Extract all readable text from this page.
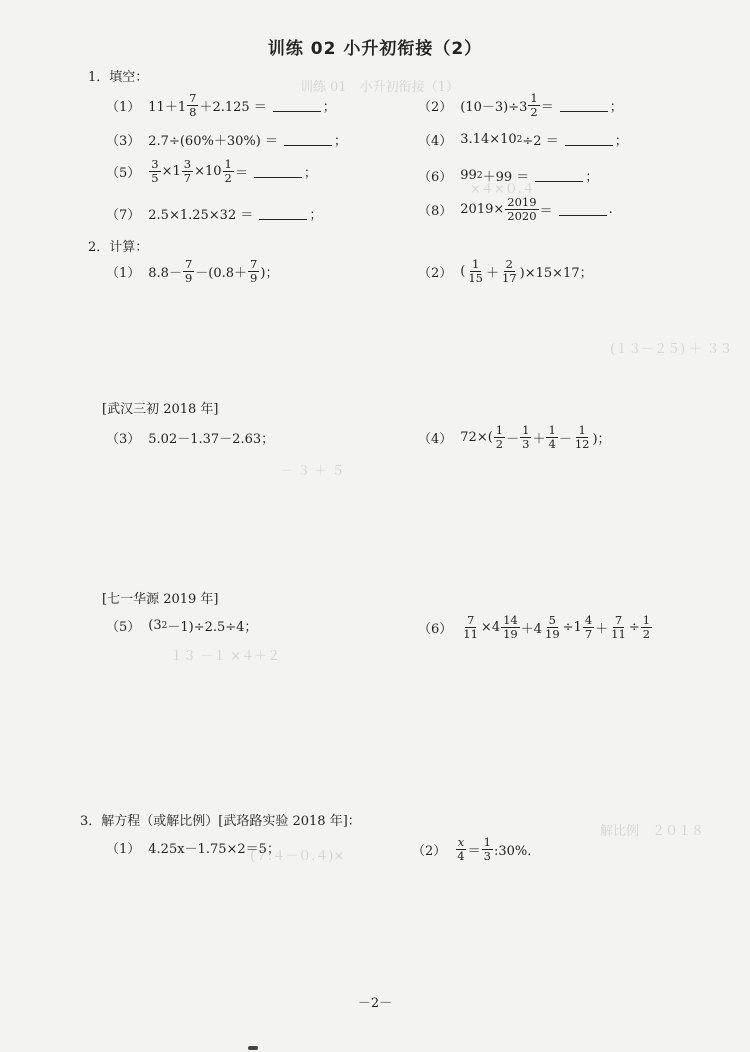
训练 01　小升初衔接（1）
×４×０.４
(１３－２５) ＋ ３３
－ ３ ＋ ５
１３ －１ ×４＋２
(７.４－０.４)×
解比例　２０１８
训练 02 小升初衔接（2）
1．填空：
（1） $11+1 \frac{7}{8} +2.125$ ＝	；	（2） $(10-3)\div 3 \frac{1}{2}$ ＝	；
（3） 2.7÷(60%＋30%) ＝	；	（4） 3.14×10 2 ÷2 ＝	；
$(5) \frac{3}{5} \times 1 \frac{3}{7} \times 10 \frac{1}{2}$ ＝	；	（6） 99 2 ＋99 ＝	；
（7） 2.5×1.25×32 ＝	；	（8） $2019\times \frac{2019}{2020}$ ＝	.
2．计算：
（1） $8.8- \frac{7}{9} -(0.8+ \frac{7}{9}$ )；	（2） ( $\frac{1}{15} + \frac{2}{17} )\times 15\times 17$；
[武汉三初 2018 年]
（3） 5.02－1.37－2.63；	（4） $72\times( \frac{1}{2} - \frac{1}{3} + \frac{1}{4} - \frac{1}{12}$ )；
[七一华源 2019 年]
（5） (3 2 －1)÷2.5÷4；	$(6) \frac{7}{11} \times 4 \frac{14}{19} +4 \frac{5}{19} \div 1 \frac{4}{7} + \frac{7}{11} \div \frac{1}{2}$
3．解方程（或解比例）[武珞路实验 2018 年]：
（1） 4.25x－1.75×2＝5；	$(2) \frac{x}{4} = \frac{1}{3}$ :30%．
－2－
